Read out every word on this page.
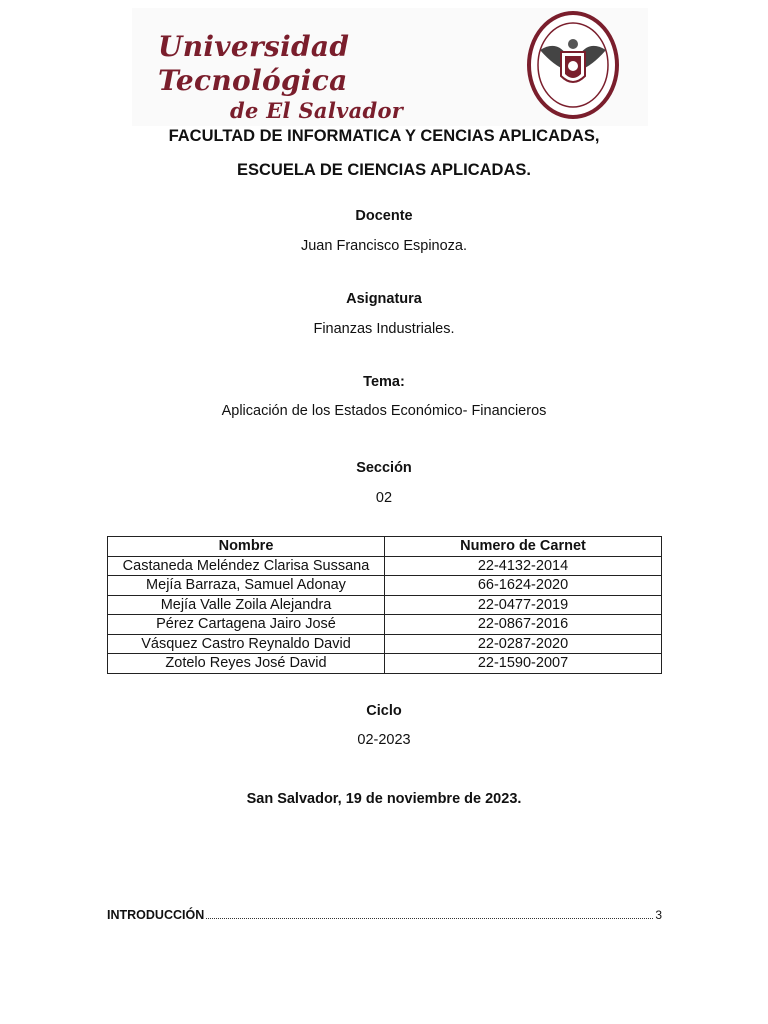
Universidad Tecnológica
de El Salvador
FACULTAD DE INFORMATICA Y CENCIAS APLICADAS,
ESCUELA DE CIENCIAS APLICADAS.
Docente
Juan Francisco Espinoza.
Asignatura
Finanzas Industriales.
Tema:
Aplicación de los Estados Económico- Financieros
Sección
02
Nombre	Numero de Carnet
Castaneda Meléndez Clarisa Sussana	22-4132-2014
Mejía Barraza, Samuel Adonay	66-1624-2020
Mejía Valle Zoila Alejandra	22-0477-2019
Pérez Cartagena Jairo José	22-0867-2016
Vásquez Castro Reynaldo David	22-0287-2020
Zotelo Reyes José David	22-1590-2007
Ciclo
02-2023
San Salvador, 19 de noviembre de 2023.
INTRODUCCIÓN	3
